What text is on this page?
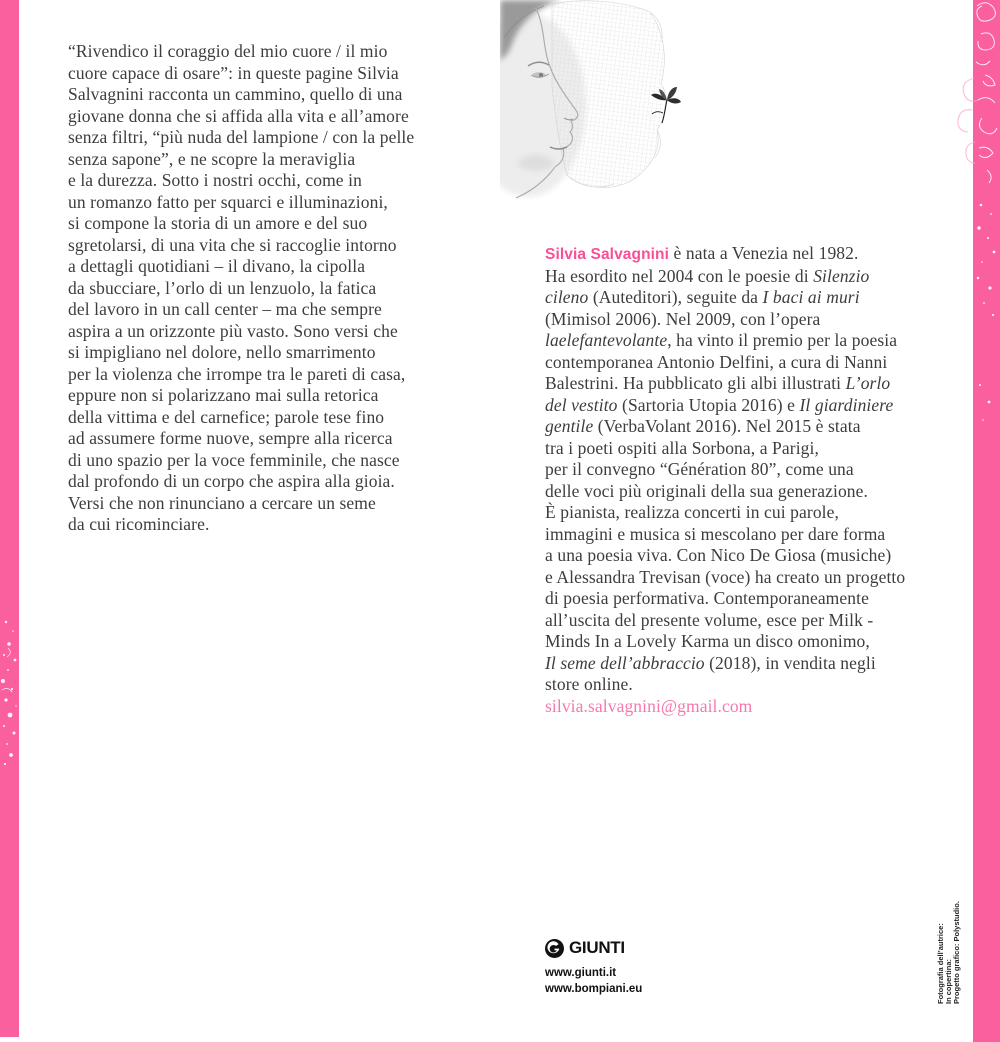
“Rivendico il coraggio del mio cuore / il mio
cuore capace di osare”: in queste pagine Silvia
Salvagnini racconta un cammino, quello di una
giovane donna che si affida alla vita e all’amore
senza filtri, “più nuda del lampione / con la pelle
senza sapone”, e ne scopre la meraviglia
e la durezza. Sotto i nostri occhi, come in
un romanzo fatto per squarci e illuminazioni,
si compone la storia di un amore e del suo
sgretolarsi, di una vita che si raccoglie intorno
a dettagli quotidiani – il divano, la cipolla
da sbucciare, l’orlo di un lenzuolo, la fatica
del lavoro in un call center – ma che sempre
aspira a un orizzonte più vasto. Sono versi che
si impigliano nel dolore, nello smarrimento
per la violenza che irrompe tra le pareti di casa,
eppure non si polarizzano mai sulla retorica
della vittima e del carnefice; parole tese fino
ad assumere forme nuove, sempre alla ricerca
di uno spazio per la voce femminile, che nasce
dal profondo di un corpo che aspira alla gioia.
Versi che non rinunciano a cercare un seme
da cui ricominciare.
Silvia Salvagnini è nata a Venezia nel 1982.
Ha esordito nel 2004 con le poesie di Silenzio
cileno (Auteditori), seguite da I baci ai muri
(Mimisol 2006). Nel 2009, con l’opera
laelefantevolante, ha vinto il premio per la poesia
contemporanea Antonio Delfini, a cura di Nanni
Balestrini. Ha pubblicato gli albi illustrati L’orlo
del vestito (Sartoria Utopia 2016) e Il giardiniere
gentile (VerbaVolant 2016). Nel 2015 è stata
tra i poeti ospiti alla Sorbona, a Parigi,
per il convegno “Génération 80”, come una
delle voci più originali della sua generazione.
È pianista, realizza concerti in cui parole,
immagini e musica si mescolano per dare forma
a una poesia viva. Con Nico De Giosa (musiche)
e Alessandra Trevisan (voce) ha creato un progetto
di poesia performativa. Contemporaneamente
all’uscita del presente volume, esce per Milk -
Minds In a Lovely Karma un disco omonimo,
Il seme dell’abbraccio (2018), in vendita negli
store online.
silvia.salvagnini@gmail.com
GIUNTI
www.giunti.it
www.bompiani.eu	Fotografia dell’autrice: In copertina: Progetto grafico: Polystudio.
